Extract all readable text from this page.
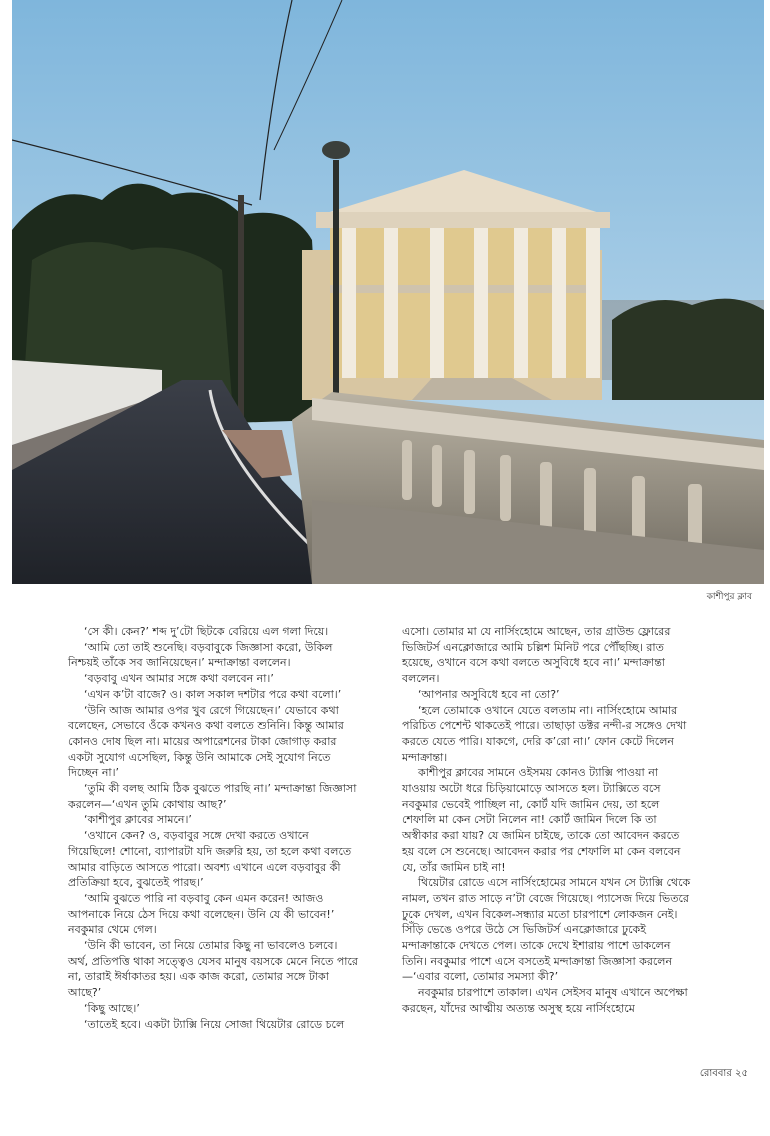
কাশীপুর ক্লাব

‘সে কী। কেন?’ শব্দ দু’টো ছিটকে বেরিয়ে এল গলা দিয়ে।

‘আমি তো তাই শুনেছি। বড়বাবুকে জিজ্ঞাসা করো, উকিল নিশ্চয়ই তাঁকে সব জানিয়েছেন।’ মন্দাক্রান্তা বললেন।

‘বড়বাবু এখন আমার সঙ্গে কথা বলবেন না।’

‘এখন ক’টা বাজে? ও। কাল সকাল দশটার পরে কথা বলো।’

‘উনি আজ আমার ওপর খুব রেগে গিয়েছেন।’ যেভাবে কথা বলেছেন, সেভাবে ওঁকে কখনও কথা বলতে শুনিনি। কিন্তু আমার কোনও দোষ ছিল না। মায়ের অপারেশনের টাকা জোগাড় করার একটা সুযোগ এসেছিল, কিন্তু উনি আমাকে সেই সুযোগ নিতে দিচ্ছেন না।’

‘তুমি কী বলছ আমি ঠিক বুঝতে পারছি না।’ মন্দাক্রান্তা জিজ্ঞাসা করলেন—‘এখন তুমি কোথায় আছ?’

‘কাশীপুর ক্লাবের সামনে।’

‘ওখানে কেন? ও, বড়বাবুর সঙ্গে দেখা করতে ওখানে গিয়েছিলে! শোনো, ব্যাপারটা যদি জরুরি হয়, তা হলে কথা বলতে আমার বাড়িতে আসতে পারো। অবশ্য এখানে এলে বড়বাবুর কী প্রতিক্রিয়া হবে, বুঝতেই পারছ।’

‘আমি বুঝতে পারি না বড়বাবু কেন এমন করেন! আজও আপনাকে নিয়ে ঠেস দিয়ে কথা বলেছেন। উনি যে কী ভাবেন!’ নবকুমার থেমে গেল।

‘উনি কী ভাবেন, তা নিয়ে তোমার কিছু না ভাবলেও চলবে। অর্থ, প্রতিপত্তি থাকা সত্ত্বেও যেসব মানুষ বয়সকে মেনে নিতে পারে না, তারাই ঈর্ষাকাতর হয়। এক কাজ করো, তোমার সঙ্গে টাকা আছে?’

‘কিছু আছে।’

‘তাতেই হবে। একটা ট্যাক্সি নিয়ে সোজা থিয়েটার রোডে চলে

এসো। তোমার মা যে নার্সিংহোমে আছেন, তার গ্রাউন্ড ফ্লোরের ভিজিটর্স এনক্লোজারে আমি চল্লিশ মিনিট পরে পৌঁছচ্ছি। রাত হয়েছে, ওখানে বসে কথা বলতে অসুবিধে হবে না।’ মন্দাক্রান্তা বললেন।

‘আপনার অসুবিধে হবে না তো?’

‘হলে তোমাকে ওখানে যেতে বলতাম না। নার্সিংহোমে আমার পরিচিত পেশেন্ট থাকতেই পারে। তাছাড়া ডক্টর নন্দী-র সঙ্গেও দেখা করতে যেতে পারি। যাকগে, দেরি ক’রো না।’ ফোন কেটে দিলেন মন্দাক্রান্তা।

কাশীপুর ক্লাবের সামনে ওইসময় কোনও ট্যাক্সি পাওয়া না যাওয়ায় অটো ধরে চিড়িয়ামোড়ে আসতে হল। ট্যাক্সিতে বসে নবকুমার ভেবেই পাচ্ছিল না, কোর্ট যদি জামিন দেয়, তা হলে শেফালি মা কেন সেটা নিলেন না! কোর্ট জামিন দিলে কি তা অস্বীকার করা যায়? যে জামিন চাইছে, তাকে তো আবেদন করতে হয় বলে সে শুনেছে। আবেদন করার পর শেফালি মা কেন বলবেন যে, তাঁর জামিন চাই না!

থিয়েটার রোডে এসে নার্সিংহোমের সামনে যখন সে ট্যাক্সি থেকে নামল, তখন রাত সাড়ে ন’টা বেজে গিয়েছে। প্যাসেজ দিয়ে ভিতরে ঢুকে দেখল, এখন বিকেল-সন্ধ্যার মতো চারপাশে লোকজন নেই। সিঁড়ি ভেঙে ওপরে উঠে সে ভিজিটর্স এনক্লোজারে ঢুকেই মন্দাক্রান্তাকে দেখতে পেল। তাকে দেখে ইশারায় পাশে ডাকলেন তিনি। নবকুমার পাশে এসে বসতেই মন্দাক্রান্তা জিজ্ঞাসা করলেন—‘এবার বলো, তোমার সমস্যা কী?’

নবকুমার চারপাশে তাকাল। এখন সেইসব মানুষ এখানে অপেক্ষা করছেন, যাঁদের আত্মীয় অত্যন্ত অসুস্থ হয়ে নার্সিংহোমে

রোববার ২৫
